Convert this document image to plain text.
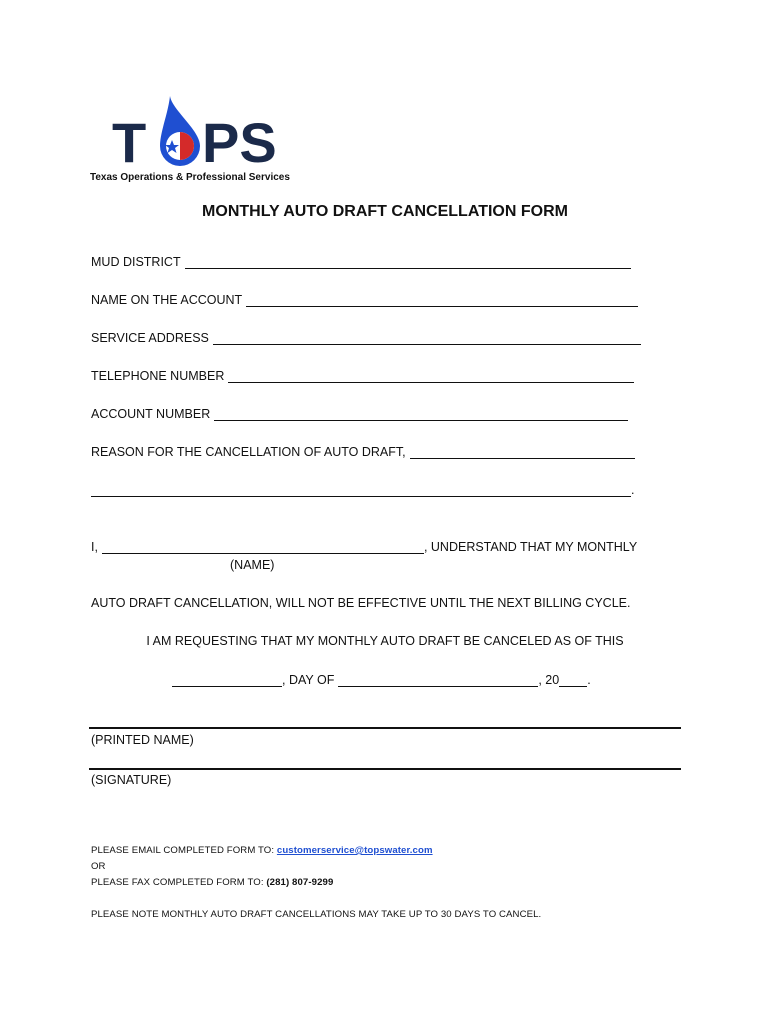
T PS
Texas Operations & Professional Services
MONTHLY AUTO DRAFT CANCELLATION FORM
MUD DISTRICT
NAME ON THE ACCOUNT
SERVICE ADDRESS
TELEPHONE NUMBER
ACCOUNT NUMBER
REASON FOR THE CANCELLATION OF AUTO DRAFT,
.
I,	, UNDERSTAND THAT MY MONTHLY
(NAME)
AUTO DRAFT CANCELLATION, WILL NOT BE EFFECTIVE UNTIL THE NEXT BILLING CYCLE.
I AM REQUESTING THAT MY MONTHLY AUTO DRAFT BE CANCELED AS OF THIS
, DAY OF	, 20 .
(PRINTED NAME)
(SIGNATURE)
PLEASE EMAIL COMPLETED FORM TO: customerservice@topswater.com
OR
PLEASE FAX COMPLETED FORM TO: (281) 807-9299
PLEASE NOTE MONTHLY AUTO DRAFT CANCELLATIONS MAY TAKE UP TO 30 DAYS TO CANCEL.
